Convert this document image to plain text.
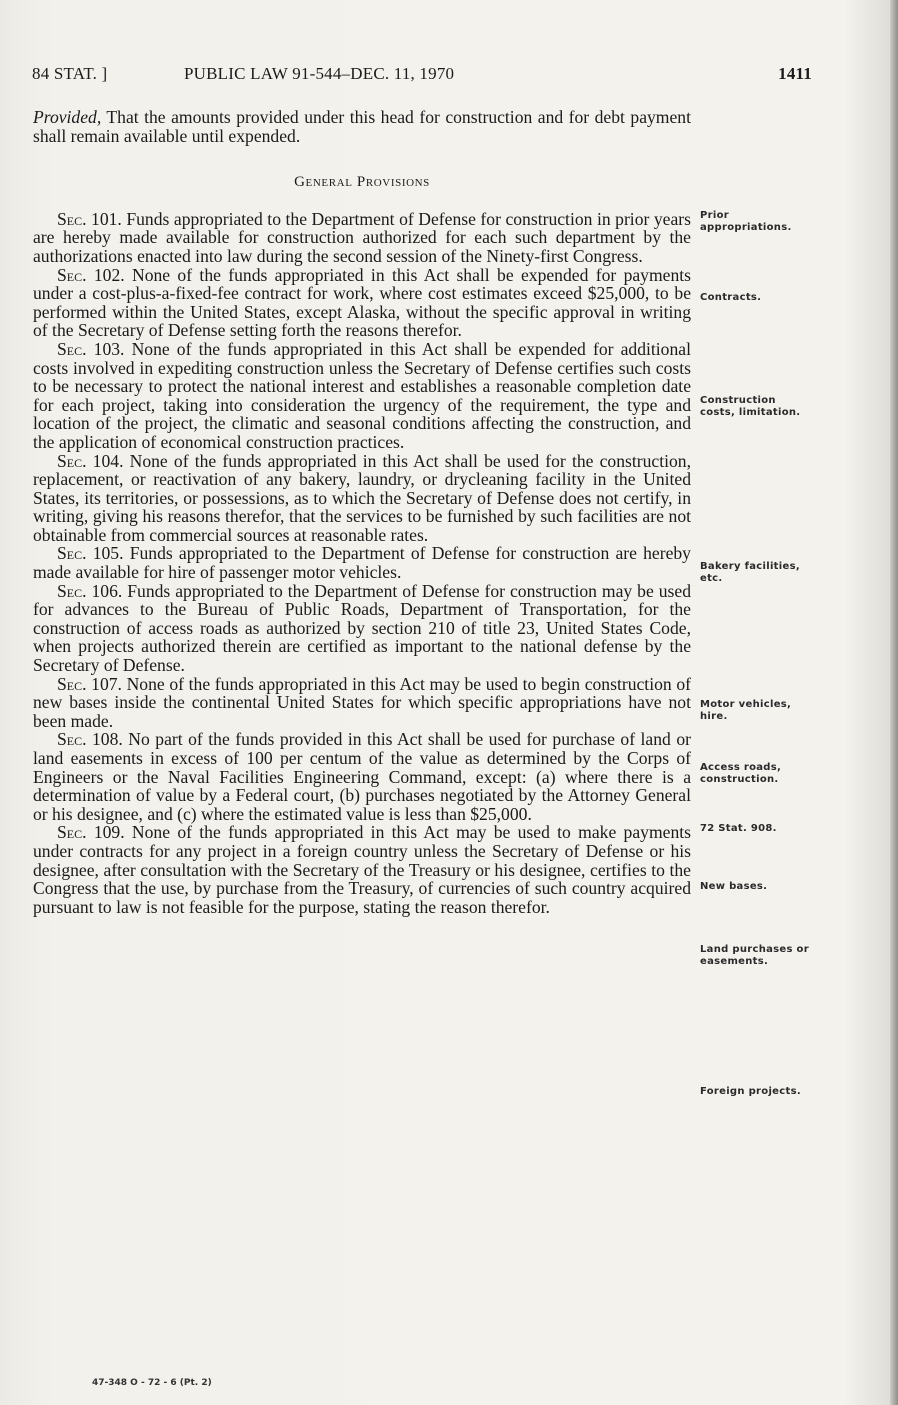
84 STAT. ]	PUBLIC LAW 91-544–DEC. 11, 1970	1411

Provided, That the amounts provided under this head for construction and for debt payment shall remain available until expended.

General Provisions

Sec. 101. Funds appropriated to the Department of Defense for construction in prior years are hereby made available for construction authorized for each such department by the authorizations enacted into law during the second session of the Ninety-first Congress.

Sec. 102. None of the funds appropriated in this Act shall be expended for payments under a cost-plus-a-fixed-fee contract for work, where cost estimates exceed $25,000, to be performed within the United States, except Alaska, without the specific approval in writing of the Secretary of Defense setting forth the reasons therefor.

Sec. 103. None of the funds appropriated in this Act shall be expended for additional costs involved in expediting construction unless the Secretary of Defense certifies such costs to be necessary to protect the national interest and establishes a reasonable completion date for each project, taking into consideration the urgency of the requirement, the type and location of the project, the climatic and seasonal conditions affecting the construction, and the application of economical construction practices.

Sec. 104. None of the funds appropriated in this Act shall be used for the construction, replacement, or reactivation of any bakery, laundry, or drycleaning facility in the United States, its territories, or possessions, as to which the Secretary of Defense does not certify, in writing, giving his reasons therefor, that the services to be furnished by such facilities are not obtainable from commercial sources at reasonable rates.

Sec. 105. Funds appropriated to the Department of Defense for construction are hereby made available for hire of passenger motor vehicles.

Sec. 106. Funds appropriated to the Department of Defense for construction may be used for advances to the Bureau of Public Roads, Department of Transportation, for the construction of access roads as authorized by section 210 of title 23, United States Code, when projects authorized therein are certified as important to the national defense by the Secretary of Defense.

Sec. 107. None of the funds appropriated in this Act may be used to begin construction of new bases inside the continental United States for which specific appropriations have not been made.

Sec. 108. No part of the funds provided in this Act shall be used for purchase of land or land easements in excess of 100 per centum of the value as determined by the Corps of Engineers or the Naval Facilities Engineering Command, except: (a) where there is a determination of value by a Federal court, (b) purchases negotiated by the Attorney General or his designee, and (c) where the estimated value is less than $25,000.

Sec. 109. None of the funds appropriated in this Act may be used to make payments under contracts for any project in a foreign country unless the Secretary of Defense or his designee, after consultation with the Secretary of the Treasury or his designee, certifies to the Congress that the use, by purchase from the Treasury, of currencies of such country acquired pursuant to law is not feasible for the purpose, stating the reason therefor.

Prior appropriations.
Contracts.
Construction costs, limitation.
Bakery facilities, etc.
Motor vehicles, hire.
Access roads, construction.
72 Stat. 908.
New bases.
Land purchases or easements.
Foreign projects.
47-348 O - 72 - 6 (Pt. 2)
